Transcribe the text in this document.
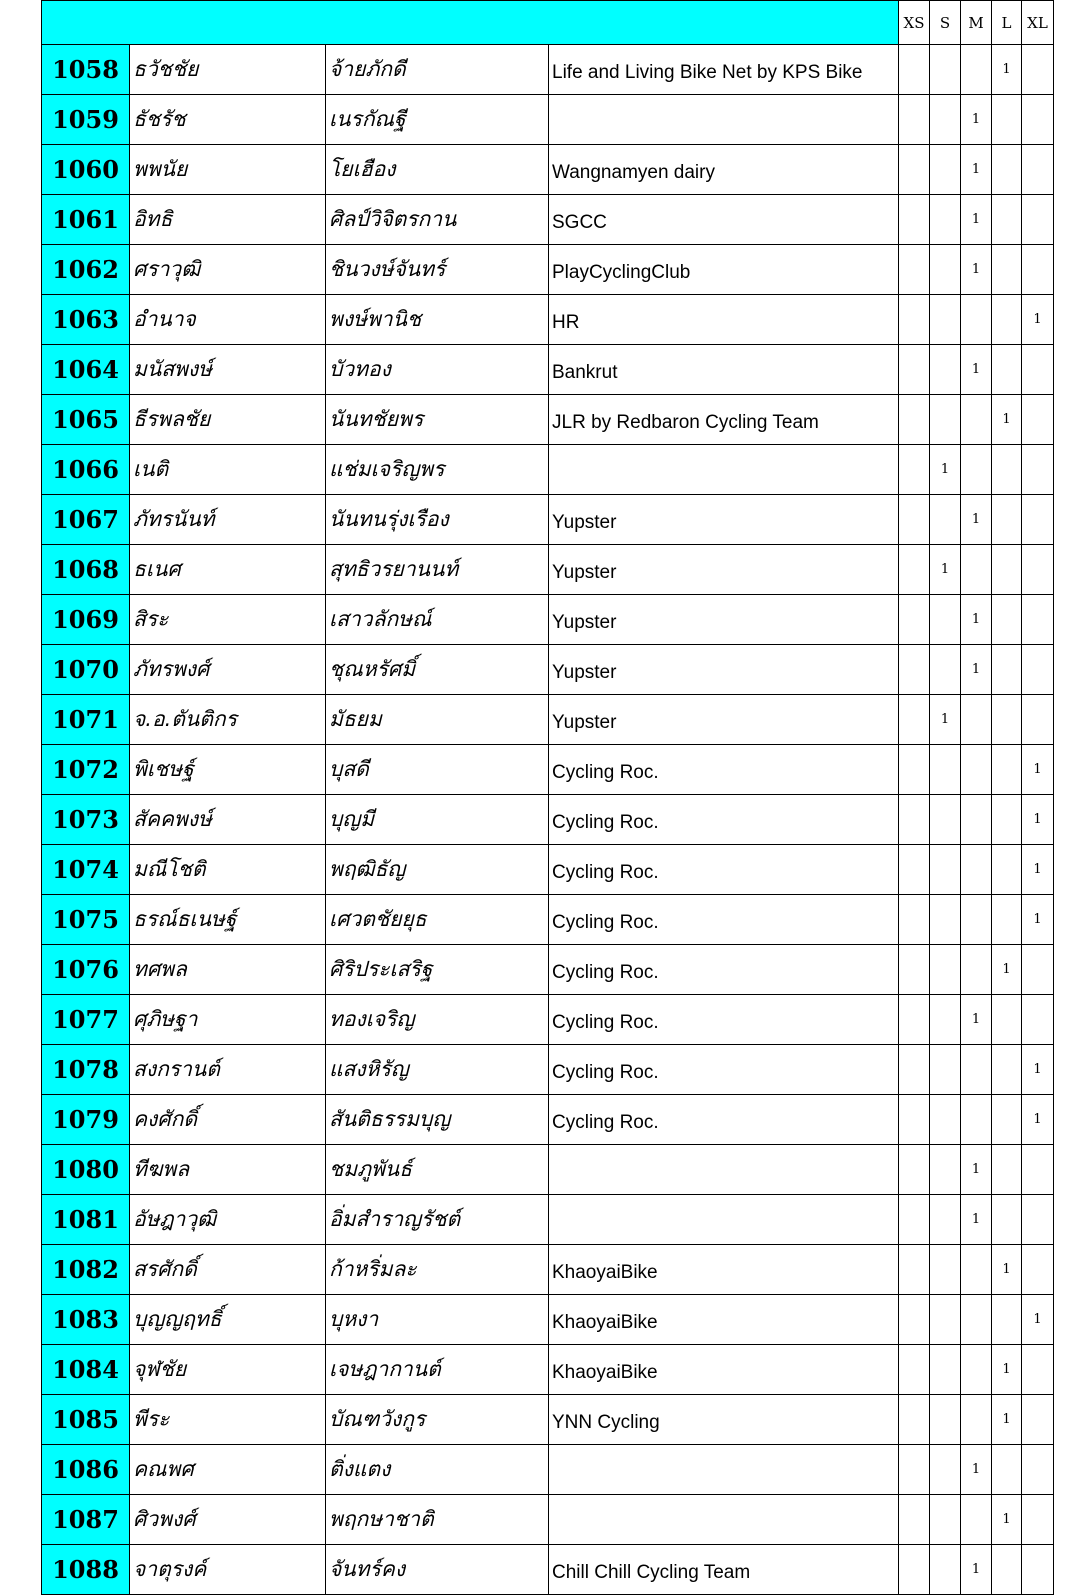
				XS	S	M	L	XL
1058	ธวัชชัย	จ้ายภักดี	Life and Living Bike Net by KPS Bike				1	
1059	ธัชรัช	เนรกัณฐี				1		
1060	พพนัย	โยเฮือง	Wangnamyen dairy			1		
1061	อิทธิ	ศิลป์วิจิตรกาน	SGCC			1		
1062	ศราวุฒิ	ชินวงษ์จันทร์	PlayCyclingClub			1		
1063	อำนาจ	พงษ์พานิช	HR					1
1064	มนัสพงษ์	บัวทอง	Bankrut			1		
1065	ธีรพลชัย	นันทชัยพร	JLR by Redbaron Cycling Team				1	
1066	เนติ	แช่มเจริญพร			1			
1067	ภัทรนันท์	นันทนรุ่งเรือง	Yupster			1		
1068	ธเนศ	สุทธิวรยานนท์	Yupster		1			
1069	สิระ	เสาวลักษณ์	Yupster			1		
1070	ภัทรพงศ์	ชุณหรัศมิ์	Yupster			1		
1071	จ.อ.ตันติกร	มัธยม	Yupster		1			
1072	พิเชษฐ์	บุสดี	Cycling Roc.					1
1073	สัคคพงษ์	บุญมี	Cycling Roc.					1
1074	มณีโชติ	พฤฒิธัญ	Cycling Roc.					1
1075	ธรณ์ธเนษฐ์	เศวตชัยยุธ	Cycling Roc.					1
1076	ทศพล	ศิริประเสริฐ	Cycling Roc.				1	
1077	ศุภิษฐา	ทองเจริญ	Cycling Roc.			1		
1078	สงกรานต์	แสงหิรัญ	Cycling Roc.					1
1079	คงศักดิ์	สันติธรรมบุญ	Cycling Roc.					1
1080	ทีฆพล	ชมภูพันธ์				1		
1081	อัษฎาวุฒิ	อิ่มสำราญรัชต์				1		
1082	สรศักดิ์	ก้าหริ่มละ	KhaoyaiBike				1	
1083	บุญญฤทธิ์	บุหงา	KhaoyaiBike					1
1084	จุฬชัย	เจษฎากานต์	KhaoyaiBike				1	
1085	พีระ	บัณฑวังกูร	YNN Cycling				1	
1086	คณพศ	ติ่งแตง				1		
1087	ศิวพงศ์	พฤกษาชาติ					1	
1088	จาตุรงค์	จันทร์คง	Chill Chill Cycling Team			1		
